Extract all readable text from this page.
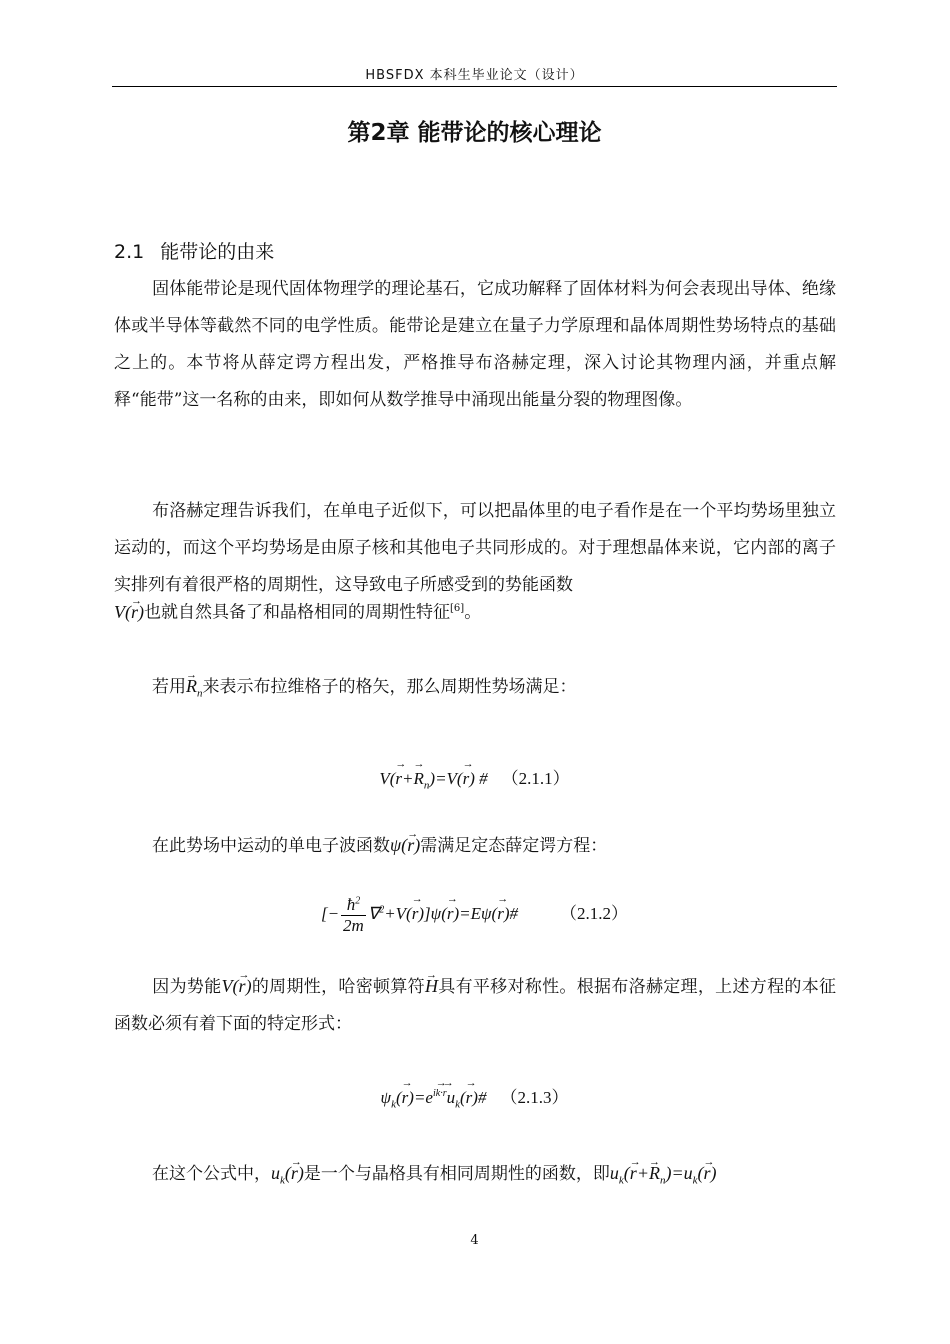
HBSFDX 本科生毕业论文（设计）
第2章 能带论的核心理论
2.1 能带论的由来
固体能带论是现代固体物理学的理论基石，它成功解释了固体材料为何会表现出导体、绝缘体或半导体等截然不同的电学性质。能带论是建立在量子力学原理和晶体周期性势场特点的基础之上的。本节将从薛定谔方程出发，严格推导布洛赫定理，深入讨论其物理内涵，并重点解释“能带”这一名称的由来，即如何从数学推导中涌现出能量分裂的物理图像。
布洛赫定理告诉我们，在单电子近似下，可以把晶体里的电子看作是在一个平均势场里独立运动的，而这个平均势场是由原子核和其他电子共同形成的。对于理想晶体来说，它内部的离子实排列有着很严格的周期性，这导致电子所感受到的势能函数
V(→ r)也就自然具备了和晶格相同的周期性特征[6]。
若用→ $R_n$来表示布拉维格子的格矢，那么周期性势场满足：
$V(\to r+\to R_n)=V(\to r)$ # （2.1.1）
在此势场中运动的单电子波函数ψ(→ r)需满足定态薛定谔方程：
[− $\frac{ħ^2}{2m} \nabla^2+V(\to r)]\psi(\to r)=E\psi(\to$ r)# （2.1.2）
因为势能V(→ r)的周期性，哈密顿算符→ H具有平移对称性。根据布洛赫定理，上述方程的本征函数必须有着下面的特定形式：
$\psi_k(\to r)=e^{i\to k\cdot\to r}u_k(\to$ r)# （2.1.3）
在这个公式中，$u_k(\to r)$是一个与晶格具有相同周期性的函数，即$u_k(\to r+\to R_n)=u_k(\to r)$
4
